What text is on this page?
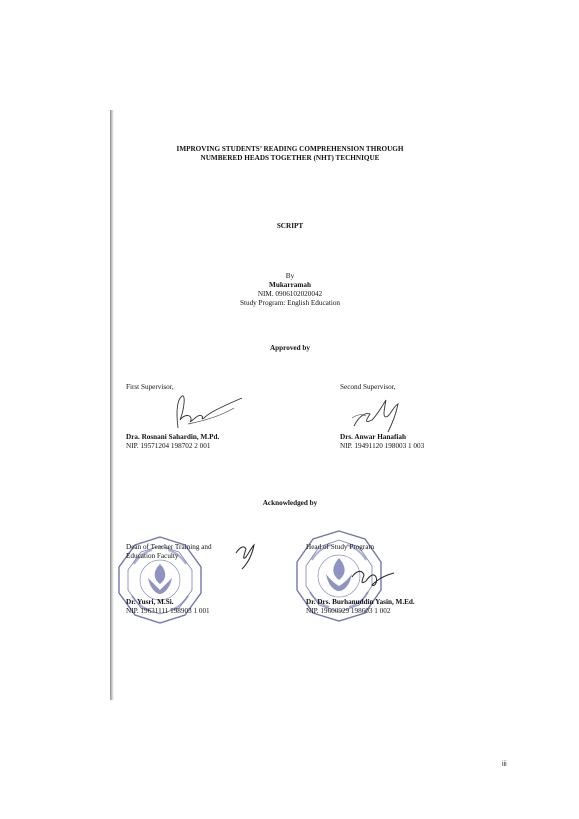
IMPROVING STUDENTS’ READING COMPREHENSION THROUGH
NUMBERED HEADS TOGETHER (NHT) TECHNIQUE
SCRIPT
By
Mukarramah
NIM. 0906102020042
Study Program: English Education
Approved by
First Supervisor,
Dra. Rosnani Sahardin, M.Pd.
NIP. 19571204 198702 2 001
Second Supervisor,
Drs. Anwar Hanafiah
NIP. 19491120 198003 1 003
Acknowledged by
Dean of Teacher Training and
Education Faculty
Dr. Yusri, M.Si.
NIP. 19631111 198903 1 001
Head of Study Program
Dr. Drs. Burhanuddin Yasin, M.Ed.
NIP. 19600929 198603 1 002
iii
